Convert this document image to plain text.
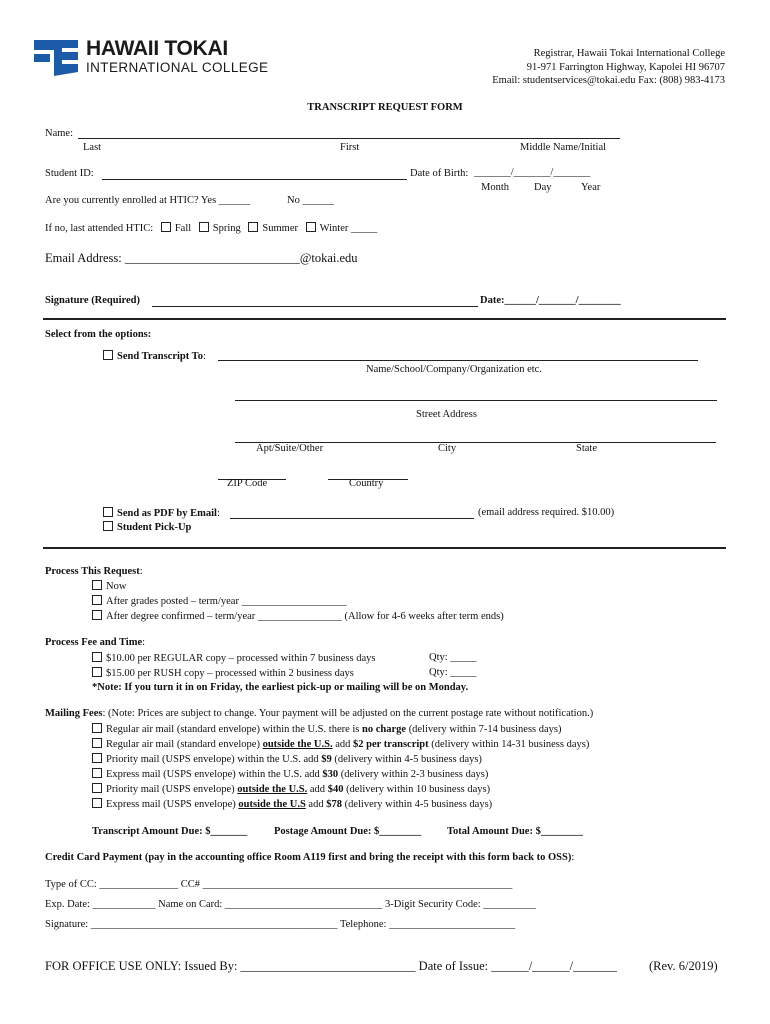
HAWAII TOKAI
INTERNATIONAL COLLEGE
Registrar, Hawaii Tokai International College
91-971 Farrington Highway, Kapolei HI 96707
Email: studentservices@tokai.edu Fax: (808) 983-4173
TRANSCRIPT REQUEST FORM
Name:
Last	First	Middle Name/Initial
Student ID:	Date of Birth: _______/_______/_______
Month Day	Year
Are you currently enrolled at HTIC? Yes ______	No ______
If no, last attended HTIC: Fall Spring Summer Winter _____
Email Address: ____________________________@tokai.edu
Signature (Required)	Date:______/_______/________
Select from the options:
Send Transcript To:
Name/School/Company/Organization etc.
Street Address
Apt/Suite/Other	City	State
ZIP Code	Country
Send as PDF by Email:	(email address required. $10.00)
Student Pick-Up
Process This Request:
Now
After grades posted – term/year ____________________
After degree confirmed – term/year ________________ (Allow for 4-6 weeks after term ends)
Process Fee and Time:
$10.00 per REGULAR copy – processed within 7 business days	Qty: _____
$15.00 per RUSH copy – processed within 2 business days	Qty: _____
*Note: If you turn it in on Friday, the earliest pick-up or mailing will be on Monday.
Mailing Fees: (Note: Prices are subject to change. Your payment will be adjusted on the current postage rate without notification.)
Regular air mail (standard envelope) within the U.S. there is no charge (delivery within 7-14 business days)
Regular air mail (standard envelope) outside the U.S. add $2 per transcript (delivery within 14-31 business days)
Priority mail (USPS envelope) within the U.S. add $9 (delivery within 4-5 business days)
Express mail (USPS envelope) within the U.S. add $30 (delivery within 2-3 business days)
Priority mail (USPS envelope) outside the U.S. add $40 (delivery within 10 business days)
Express mail (USPS envelope) outside the U.S add $78 (delivery within 4-5 business days)
Transcript Amount Due: $_______	Postage Amount Due: $________ Total Amount Due: $________
Credit Card Payment (pay in the accounting office Room A119 first and bring the receipt with this form back to OSS):
Type of CC: _______________ CC# ___________________________________________________________
Exp. Date: ____________ Name on Card: ______________________________ 3-Digit Security Code: __________
Signature: _______________________________________________ Telephone: ________________________
FOR OFFICE USE ONLY: Issued By: ____________________________ Date of Issue: ______/______/_______	(Rev. 6/2019)
